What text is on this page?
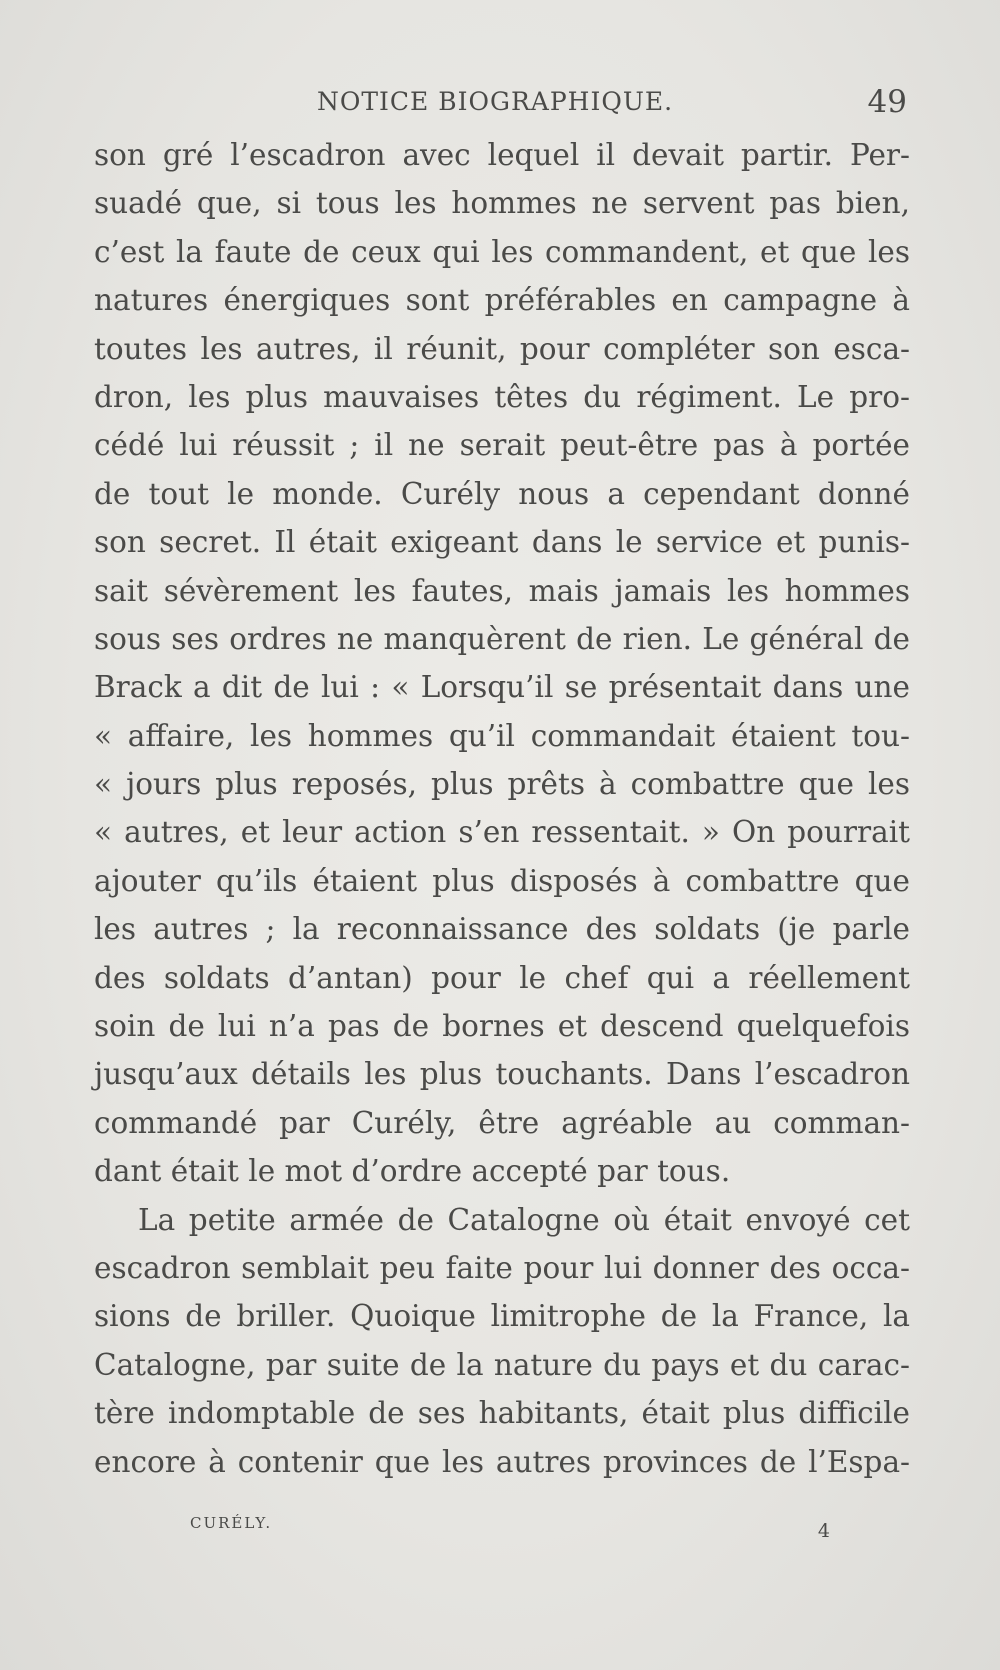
NOTICE BIOGRAPHIQUE.	49
son gré l’escadron avec lequel il devait partir. Per-
suadé que, si tous les hommes ne servent pas bien,
c’est la faute de ceux qui les commandent, et que les
natures énergiques sont préférables en campagne à
toutes les autres, il réunit, pour compléter son esca-
dron, les plus mauvaises têtes du régiment. Le pro-
cédé lui réussit ; il ne serait peut-être pas à portée
de tout le monde. Curély nous a cependant donné
son secret. Il était exigeant dans le service et punis-
sait sévèrement les fautes, mais jamais les hommes
sous ses ordres ne manquèrent de rien. Le général de
Brack a dit de lui : « Lorsqu’il se présentait dans une
« affaire, les hommes qu’il commandait étaient tou-
« jours plus reposés, plus prêts à combattre que les
« autres, et leur action s’en ressentait. » On pourrait
ajouter qu’ils étaient plus disposés à combattre que
les autres ; la reconnaissance des soldats (je parle
des soldats d’antan) pour le chef qui a réellement
soin de lui n’a pas de bornes et descend quelquefois
jusqu’aux détails les plus touchants. Dans l’escadron
commandé par Curély, être agréable au comman-
dant était le mot d’ordre accepté par tous.
La petite armée de Catalogne où était envoyé cet
escadron semblait peu faite pour lui donner des occa-
sions de briller. Quoique limitrophe de la France, la
Catalogne, par suite de la nature du pays et du carac-
tère indomptable de ses habitants, était plus difficile
encore à contenir que les autres provinces de l’Espa-
CURÉLY.	4
